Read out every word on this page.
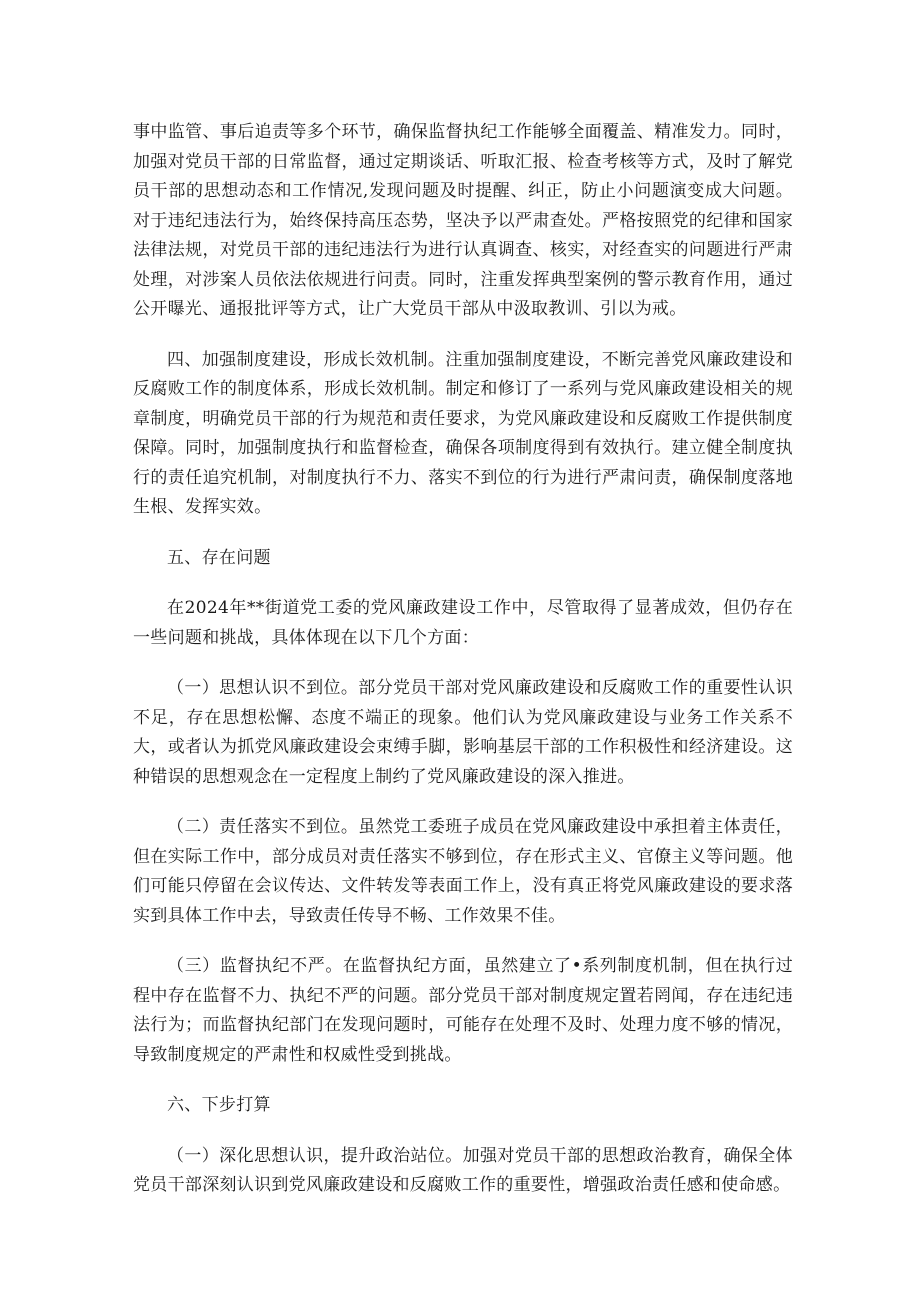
事中监管、事后追责等多个环节，确保监督执纪工作能够全面覆盖、精准发力。同时，加强对党员干部的日常监督，通过定期谈话、听取汇报、检查考核等方式，及时了解党员干部的思想动态和工作情况,发现问题及时提醒、纠正，防止小问题演变成大问题。对于违纪违法行为，始终保持高压态势，坚决予以严肃查处。严格按照党的纪律和国家法律法规，对党员干部的违纪违法行为进行认真调查、核实，对经查实的问题进行严肃处理，对涉案人员依法依规进行问责。同时，注重发挥典型案例的警示教育作用，通过公开曝光、通报批评等方式，让广大党员干部从中汲取教训、引以为戒。

四、加强制度建设，形成长效机制。注重加强制度建设，不断完善党风廉政建设和反腐败工作的制度体系，形成长效机制。制定和修订了一系列与党风廉政建设相关的规章制度，明确党员干部的行为规范和责任要求，为党风廉政建设和反腐败工作提供制度保障。同时，加强制度执行和监督检查，确保各项制度得到有效执行。建立健全制度执行的责任追究机制，对制度执行不力、落实不到位的行为进行严肃问责，确保制度落地生根、发挥实效。

五、存在问题

在2024年**街道党工委的党风廉政建设工作中，尽管取得了显著成效，但仍存在一些问题和挑战，具体体现在以下几个方面：

（一）思想认识不到位。部分党员干部对党风廉政建设和反腐败工作的重要性认识不足，存在思想松懈、态度不端正的现象。他们认为党风廉政建设与业务工作关系不大，或者认为抓党风廉政建设会束缚手脚，影响基层干部的工作积极性和经济建设。这种错误的思想观念在一定程度上制约了党风廉政建设的深入推进。

（二）责任落实不到位。虽然党工委班子成员在党风廉政建设中承担着主体责任，但在实际工作中，部分成员对责任落实不够到位，存在形式主义、官僚主义等问题。他们可能只停留在会议传达、文件转发等表面工作上，没有真正将党风廉政建设的要求落实到具体工作中去，导致责任传导不畅、工作效果不佳。

（三）监督执纪不严。在监督执纪方面，虽然建立了•系列制度机制，但在执行过程中存在监督不力、执纪不严的问题。部分党员干部对制度规定置若罔闻，存在违纪违法行为；而监督执纪部门在发现问题时，可能存在处理不及时、处理力度不够的情况，导致制度规定的严肃性和权威性受到挑战。

六、下步打算

（一）深化思想认识，提升政治站位。加强对党员干部的思想政治教育，确保全体党员干部深刻认识到党风廉政建设和反腐败工作的重要性，增强政治责任感和使命感。
